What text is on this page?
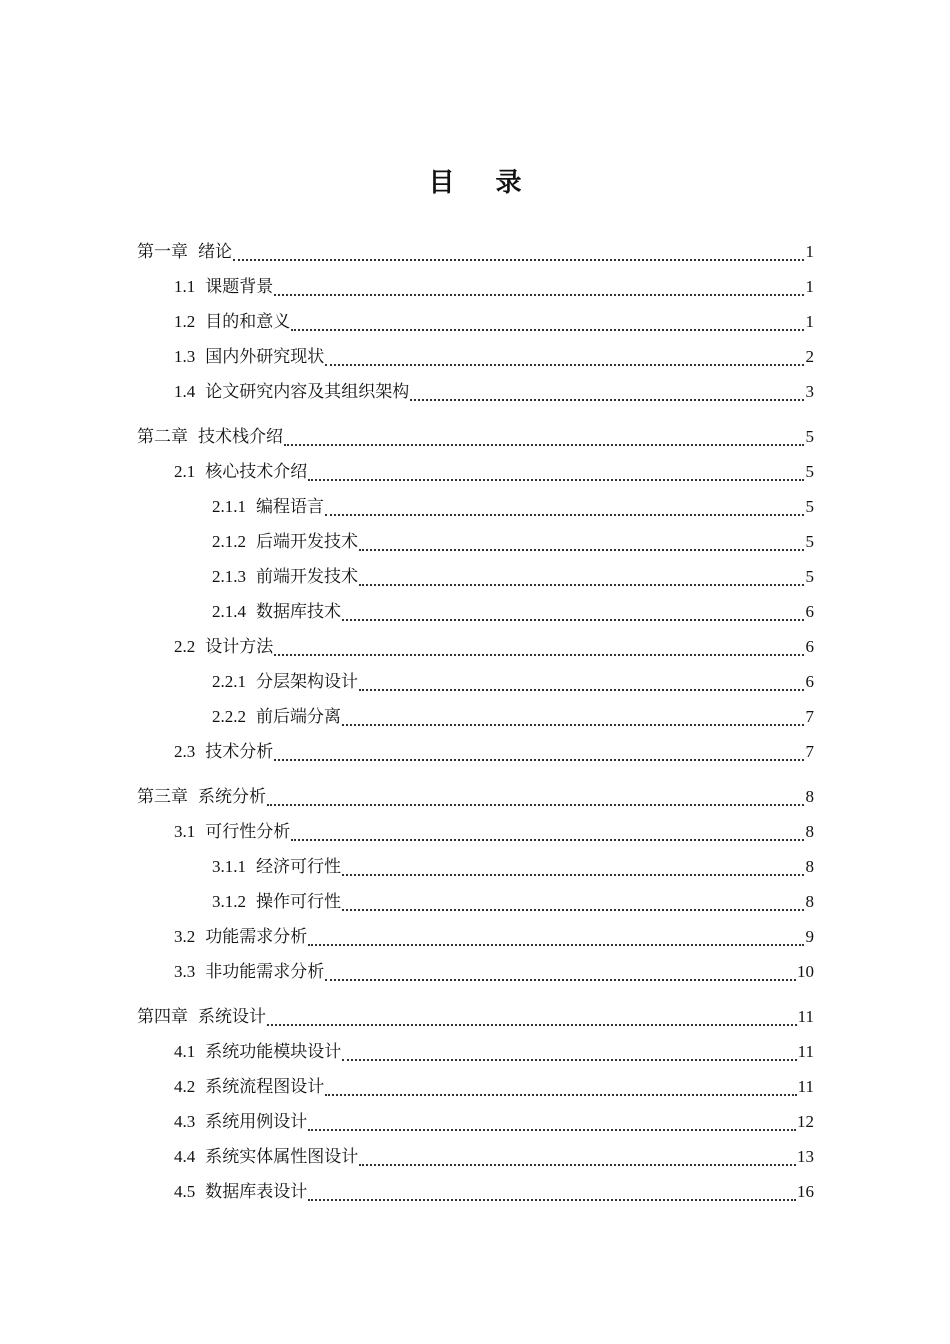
目 录
第一章 绪论	1
1.1 课题背景	1
1.2 目的和意义	1
1.3 国内外研究现状	2
1.4 论文研究内容及其组织架构	3
第二章 技术栈介绍	5
2.1 核心技术介绍	5
2.1.1 编程语言	5
2.1.2 后端开发技术	5
2.1.3 前端开发技术	5
2.1.4 数据库技术	6
2.2 设计方法	6
2.2.1 分层架构设计	6
2.2.2 前后端分离	7
2.3 技术分析	7
第三章 系统分析	8
3.1 可行性分析	8
3.1.1 经济可行性	8
3.1.2 操作可行性	8
3.2 功能需求分析	9
3.3 非功能需求分析	10
第四章 系统设计	11
4.1 系统功能模块设计	11
4.2 系统流程图设计	11
4.3 系统用例设计	12
4.4 系统实体属性图设计	13
4.5 数据库表设计	16
